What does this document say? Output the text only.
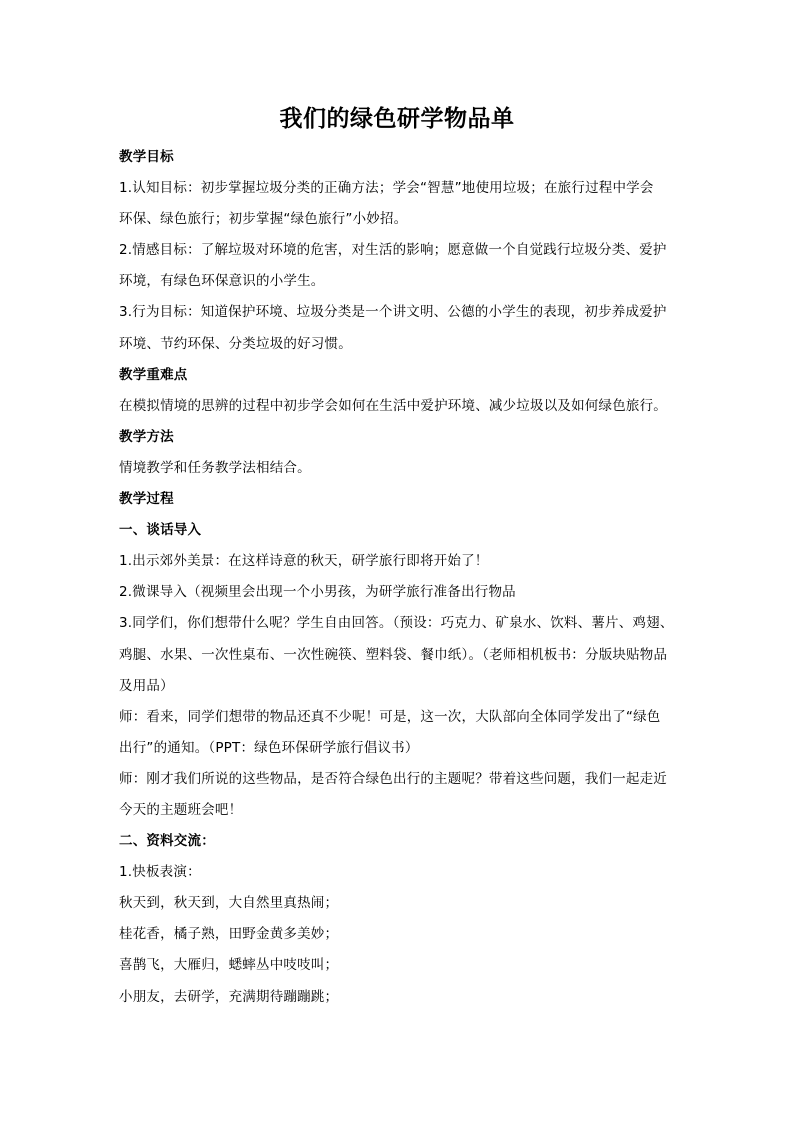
我们的绿色研学物品单
教学目标
1.认知目标：初步掌握垃圾分类的正确方法；学会“智慧”地使用垃圾；在旅行过程中学会
环保、绿色旅行；初步掌握“绿色旅行”小妙招。
2.情感目标：了解垃圾对环境的危害，对生活的影响；愿意做一个自觉践行垃圾分类、爱护
环境，有绿色环保意识的小学生。
3.行为目标：知道保护环境、垃圾分类是一个讲文明、公德的小学生的表现，初步养成爱护
环境、节约环保、分类垃圾的好习惯。
教学重难点
在模拟情境的思辨的过程中初步学会如何在生活中爱护环境、减少垃圾以及如何绿色旅行。
教学方法
情境教学和任务教学法相结合。
教学过程
一、谈话导入
1.出示郊外美景：在这样诗意的秋天，研学旅行即将开始了！
2.微课导入（视频里会出现一个小男孩，为研学旅行准备出行物品
3.同学们，你们想带什么呢？学生自由回答。（预设：巧克力、矿泉水、饮料、薯片、鸡翅、
鸡腿、水果、一次性桌布、一次性碗筷、塑料袋、餐巾纸）。（老师相机板书：分版块贴物品
及用品）
师：看来，同学们想带的物品还真不少呢！可是，这一次，大队部向全体同学发出了“绿色
出行”的通知。（PPT：绿色环保研学旅行倡议书）
师：刚才我们所说的这些物品，是否符合绿色出行的主题呢？带着这些问题，我们一起走近
今天的主题班会吧！
二、资料交流：
1.快板表演：
秋天到，秋天到，大自然里真热闹；
桂花香，橘子熟，田野金黄多美妙；
喜鹊飞，大雁归，蟋蟀丛中吱吱叫；
小朋友，去研学，充满期待蹦蹦跳；
